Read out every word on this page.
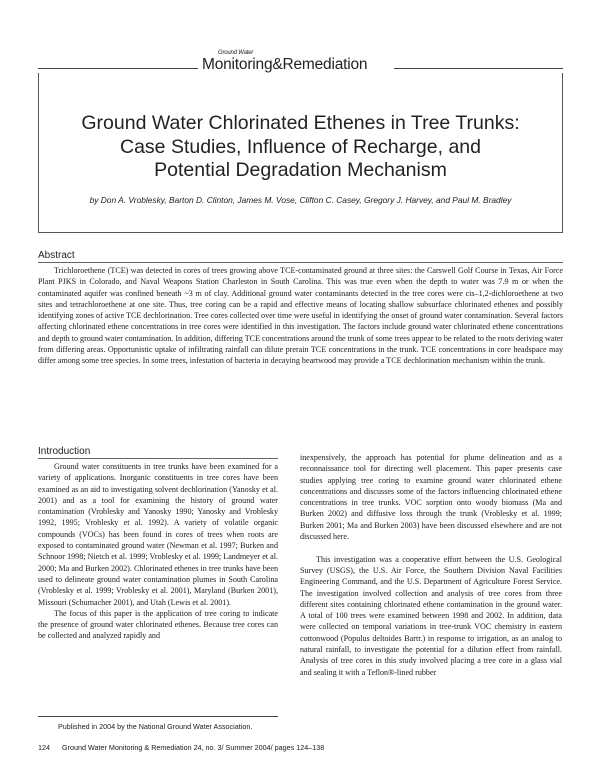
Ground Water
Monitoring&Remediation
Ground Water Chlorinated Ethenes in Tree Trunks:
Case Studies, Influence of Recharge, and
Potential Degradation Mechanism
by Don A. Vroblesky, Barton D. Clinton, James M. Vose, Clifton C. Casey, Gregory J. Harvey, and Paul M. Bradley
Abstract
Trichloroethene (TCE) was detected in cores of trees growing above TCE-contaminated ground at three sites: the Carswell Golf Course in Texas, Air Force Plant PJKS in Colorado, and Naval Weapons Station Charleston in South Carolina. This was true even when the depth to water was 7.9 m or when the contaminated aquifer was confined beneath ~3 m of clay. Additional ground water contaminants detected in the tree cores were cis–1,2-dichloroethene at two sites and tetrachloroethene at one site. Thus, tree coring can be a rapid and effective means of locating shallow subsurface chlorinated ethenes and possibly identifying zones of active TCE dechlorination. Tree cores collected over time were useful in identifying the onset of ground water contamination. Several factors affecting chlorinated ethene concentrations in tree cores were identified in this investigation. The factors include ground water chlorinated ethene concentrations and depth to ground water contamination. In addition, differing TCE concentrations around the trunk of some trees appear to be related to the roots deriving water from differing areas. Opportunistic uptake of infiltrating rainfall can dilute prerain TCE concentrations in the trunk. TCE concentrations in core headspace may differ among some tree species. In some trees, infestation of bacteria in decaying heartwood may provide a TCE dechlorination mechanism within the trunk.
Introduction

Ground water constituents in tree trunks have been examined for a variety of applications. Inorganic constituents in tree cores have been examined as an aid to investigating solvent dechlorination (Yanosky et al. 2001) and as a tool for examining the history of ground water contamination (Vroblesky and Yanosky 1990; Yanosky and Vroblesky 1992, 1995; Vroblesky et al. 1992). A variety of volatile organic compounds (VOCs) has been found in cores of trees when roots are exposed to contaminated ground water (Newman et al. 1997; Burken and Schnoor 1998; Nietch et al. 1999; Vroblesky et al. 1999; Landmeyer et al. 2000; Ma and Burken 2002). Chlorinated ethenes in tree trunks have been used to delineate ground water contamination plumes in South Carolina (Vroblesky et al. 1999; Vroblesky et al. 2001), Maryland (Burken 2001), Missouri (Schumacher 2001), and Utah (Lewis et al. 2001).

The focus of this paper is the application of tree coring to indicate the presence of ground water chlorinated ethenes. Because tree cores can be collected and analyzed rapidly and

inexpensively, the approach has potential for plume delineation and as a reconnaissance tool for directing well placement. This paper presents case studies applying tree coring to examine ground water chlorinated ethene concentrations and discusses some of the factors influencing chlorinated ethene concentrations in tree trunks. VOC sorption onto woody biomass (Ma and Burken 2002) and diffusive loss through the trunk (Vroblesky et al. 1999; Burken 2001; Ma and Burken 2003) have been discussed elsewhere and are not discussed here.

This investigation was a cooperative effort between the U.S. Geological Survey (USGS), the U.S. Air Force, the Southern Division Naval Facilities Engineering Command, and the U.S. Department of Agriculture Forest Service. The investigation involved collection and analysis of tree cores from three different sites containing chlorinated ethene contamination in the ground water. A total of 100 trees were examined between 1998 and 2002. In addition, data were collected on temporal variations in tree-trunk VOC chemistry in eastern cottonwood (Populus deltoides Bartr.) in response to irrigation, as an analog to natural rainfall, to investigate the potential for a dilution effect from rainfall. Analysis of tree cores in this study involved placing a tree core in a glass vial and sealing it with a Teflon®-lined rubber

Published in 2004 by the National Ground Water Association.
124 Ground Water Monitoring & Remediation 24, no. 3/ Summer 2004/ pages 124–138
